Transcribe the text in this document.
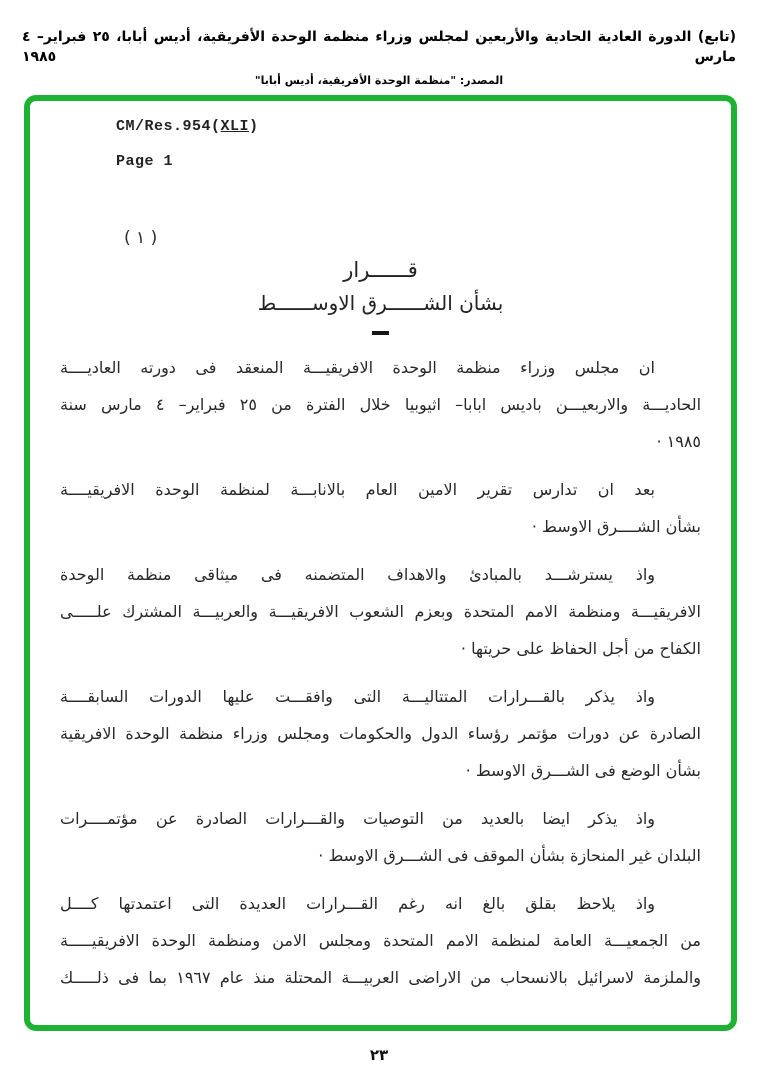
(تابع) الدورة العادية الحادية والأربعين لمجلس وزراء منظمة الوحدة الأفريقية، أديس أبابا، ٢٥ فبراير– ٤ مارس ١٩٨٥
المصدر: "منظمة الوحدة الأفريقية، أديس أبابا"
CM/Res.954(XLI)
Page 1
( ١ )
قــــــرار
بشأن الشــــــرق الاوســــــط
ان مجلس وزراء منظمة الوحدة الافريقيـــة المنعقد فى دورته العاديــــة
الحاديـــة والاربعيـــن باديس ابابا– اثيوبيا خلال الفترة من ٢٥ فبراير– ٤ مارس سنة
١٩٨٥ ·
بعد ان تدارس تقرير الامين العام بالانابـــة لمنظمة الوحدة الافريقيــــة
بشأن الشــــرق الاوسط ·
واذ يسترشـــد بالمبادئ والاهداف المتضمنه فى ميثاقى منظمة الوحدة
الافريقيـــة ومنظمة الامم المتحدة وبعزم الشعوب الافريقيـــة والعربيـــة المشترك علـــــى
الكفاح من أجل الحفاظ على حريتها ·
واذ يذكر بالقـــرارات المتتاليـــة التى وافقـــت عليها الدورات السابقــــة
الصادرة عن دورات مؤتمر رؤساء الدول والحكومات ومجلس وزراء منظمة الوحدة الافريقية
بشأن الوضع فى الشـــرق الاوسط ·
واذ يذكر ايضا بالعديد من التوصيات والقـــرارات الصادرة عن مؤتمــــرات
البلدان غير المنحازة بشأن الموقف فى الشـــرق الاوسط ·
واذ يلاحظ بقلق بالغ انه رغم القـــرارات العديدة التى اعتمدتها كــــل
من الجمعيـــة العامة لمنظمة الامم المتحدة ومجلس الامن ومنظمة الوحدة الافريقيـــــة
والملزمة لاسرائيل بالانسحاب من الاراضى العربيـــة المحتلة منذ عام ١٩٦٧ بما فى ذلـــــك
٢٣
